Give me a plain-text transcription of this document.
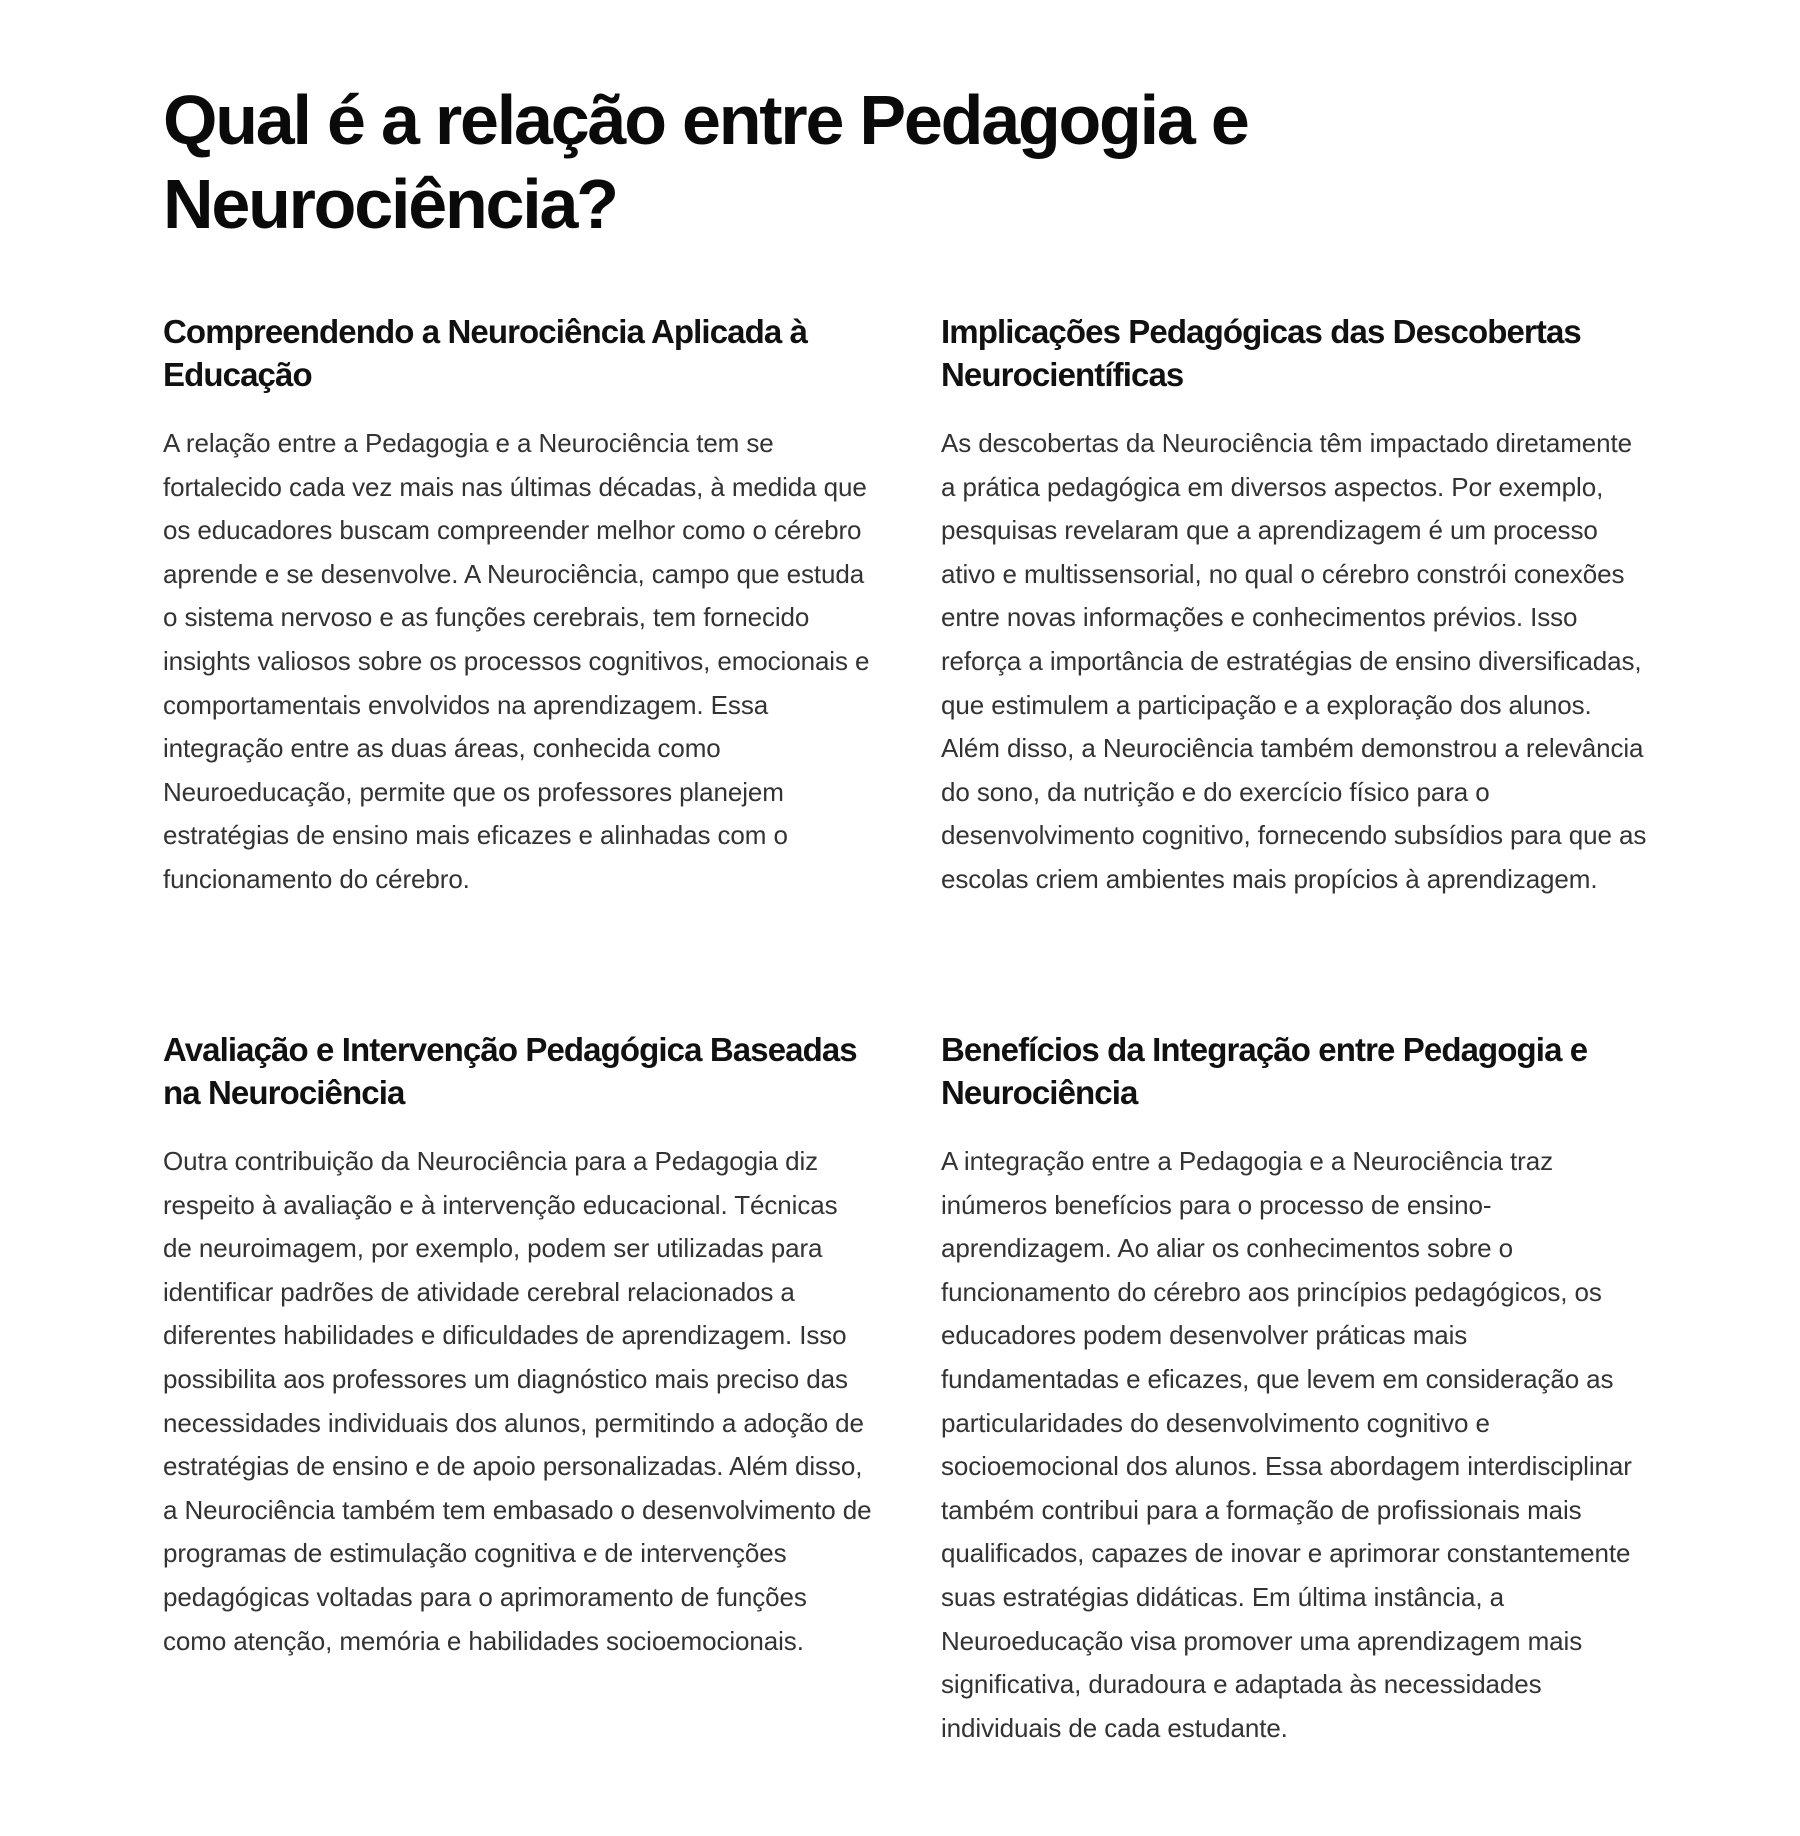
Qual é a relação entre Pedagogia e Neurociência?
Compreendendo a Neurociência Aplicada à Educação

A relação entre a Pedagogia e a Neurociência tem se fortalecido cada vez mais nas últimas décadas, à medida que os educadores buscam compreender melhor como o cérebro aprende e se desenvolve. A Neurociência, campo que estuda o sistema nervoso e as funções cerebrais, tem fornecido insights valiosos sobre os processos cognitivos, emocionais e comportamentais envolvidos na aprendizagem. Essa integração entre as duas áreas, conhecida como Neuroeducação, permite que os professores planejem estratégias de ensino mais eficazes e alinhadas com o funcionamento do cérebro.

Implicações Pedagógicas das Descobertas Neurocientíficas

As descobertas da Neurociência têm impactado diretamente a prática pedagógica em diversos aspectos. Por exemplo, pesquisas revelaram que a aprendizagem é um processo ativo e multissensorial, no qual o cérebro constrói conexões entre novas informações e conhecimentos prévios. Isso reforça a importância de estratégias de ensino diversificadas, que estimulem a participação e a exploração dos alunos. Além disso, a Neurociência também demonstrou a relevância do sono, da nutrição e do exercício físico para o desenvolvimento cognitivo, fornecendo subsídios para que as escolas criem ambientes mais propícios à aprendizagem.

Avaliação e Intervenção Pedagógica Baseadas na Neurociência

Outra contribuição da Neurociência para a Pedagogia diz respeito à avaliação e à intervenção educacional. Técnicas de neuroimagem, por exemplo, podem ser utilizadas para identificar padrões de atividade cerebral relacionados a diferentes habilidades e dificuldades de aprendizagem. Isso possibilita aos professores um diagnóstico mais preciso das necessidades individuais dos alunos, permitindo a adoção de estratégias de ensino e de apoio personalizadas. Além disso, a Neurociência também tem embasado o desenvolvimento de programas de estimulação cognitiva e de intervenções pedagógicas voltadas para o aprimoramento de funções como atenção, memória e habilidades socioemocionais.

Benefícios da Integração entre Pedagogia e Neurociência

A integração entre a Pedagogia e a Neurociência traz inúmeros benefícios para o processo de ensino-aprendizagem. Ao aliar os conhecimentos sobre o funcionamento do cérebro aos princípios pedagógicos, os educadores podem desenvolver práticas mais fundamentadas e eficazes, que levem em consideração as particularidades do desenvolvimento cognitivo e socioemocional dos alunos. Essa abordagem interdisciplinar também contribui para a formação de profissionais mais qualificados, capazes de inovar e aprimorar constantemente suas estratégias didáticas. Em última instância, a Neuroeducação visa promover uma aprendizagem mais significativa, duradoura e adaptada às necessidades individuais de cada estudante.
